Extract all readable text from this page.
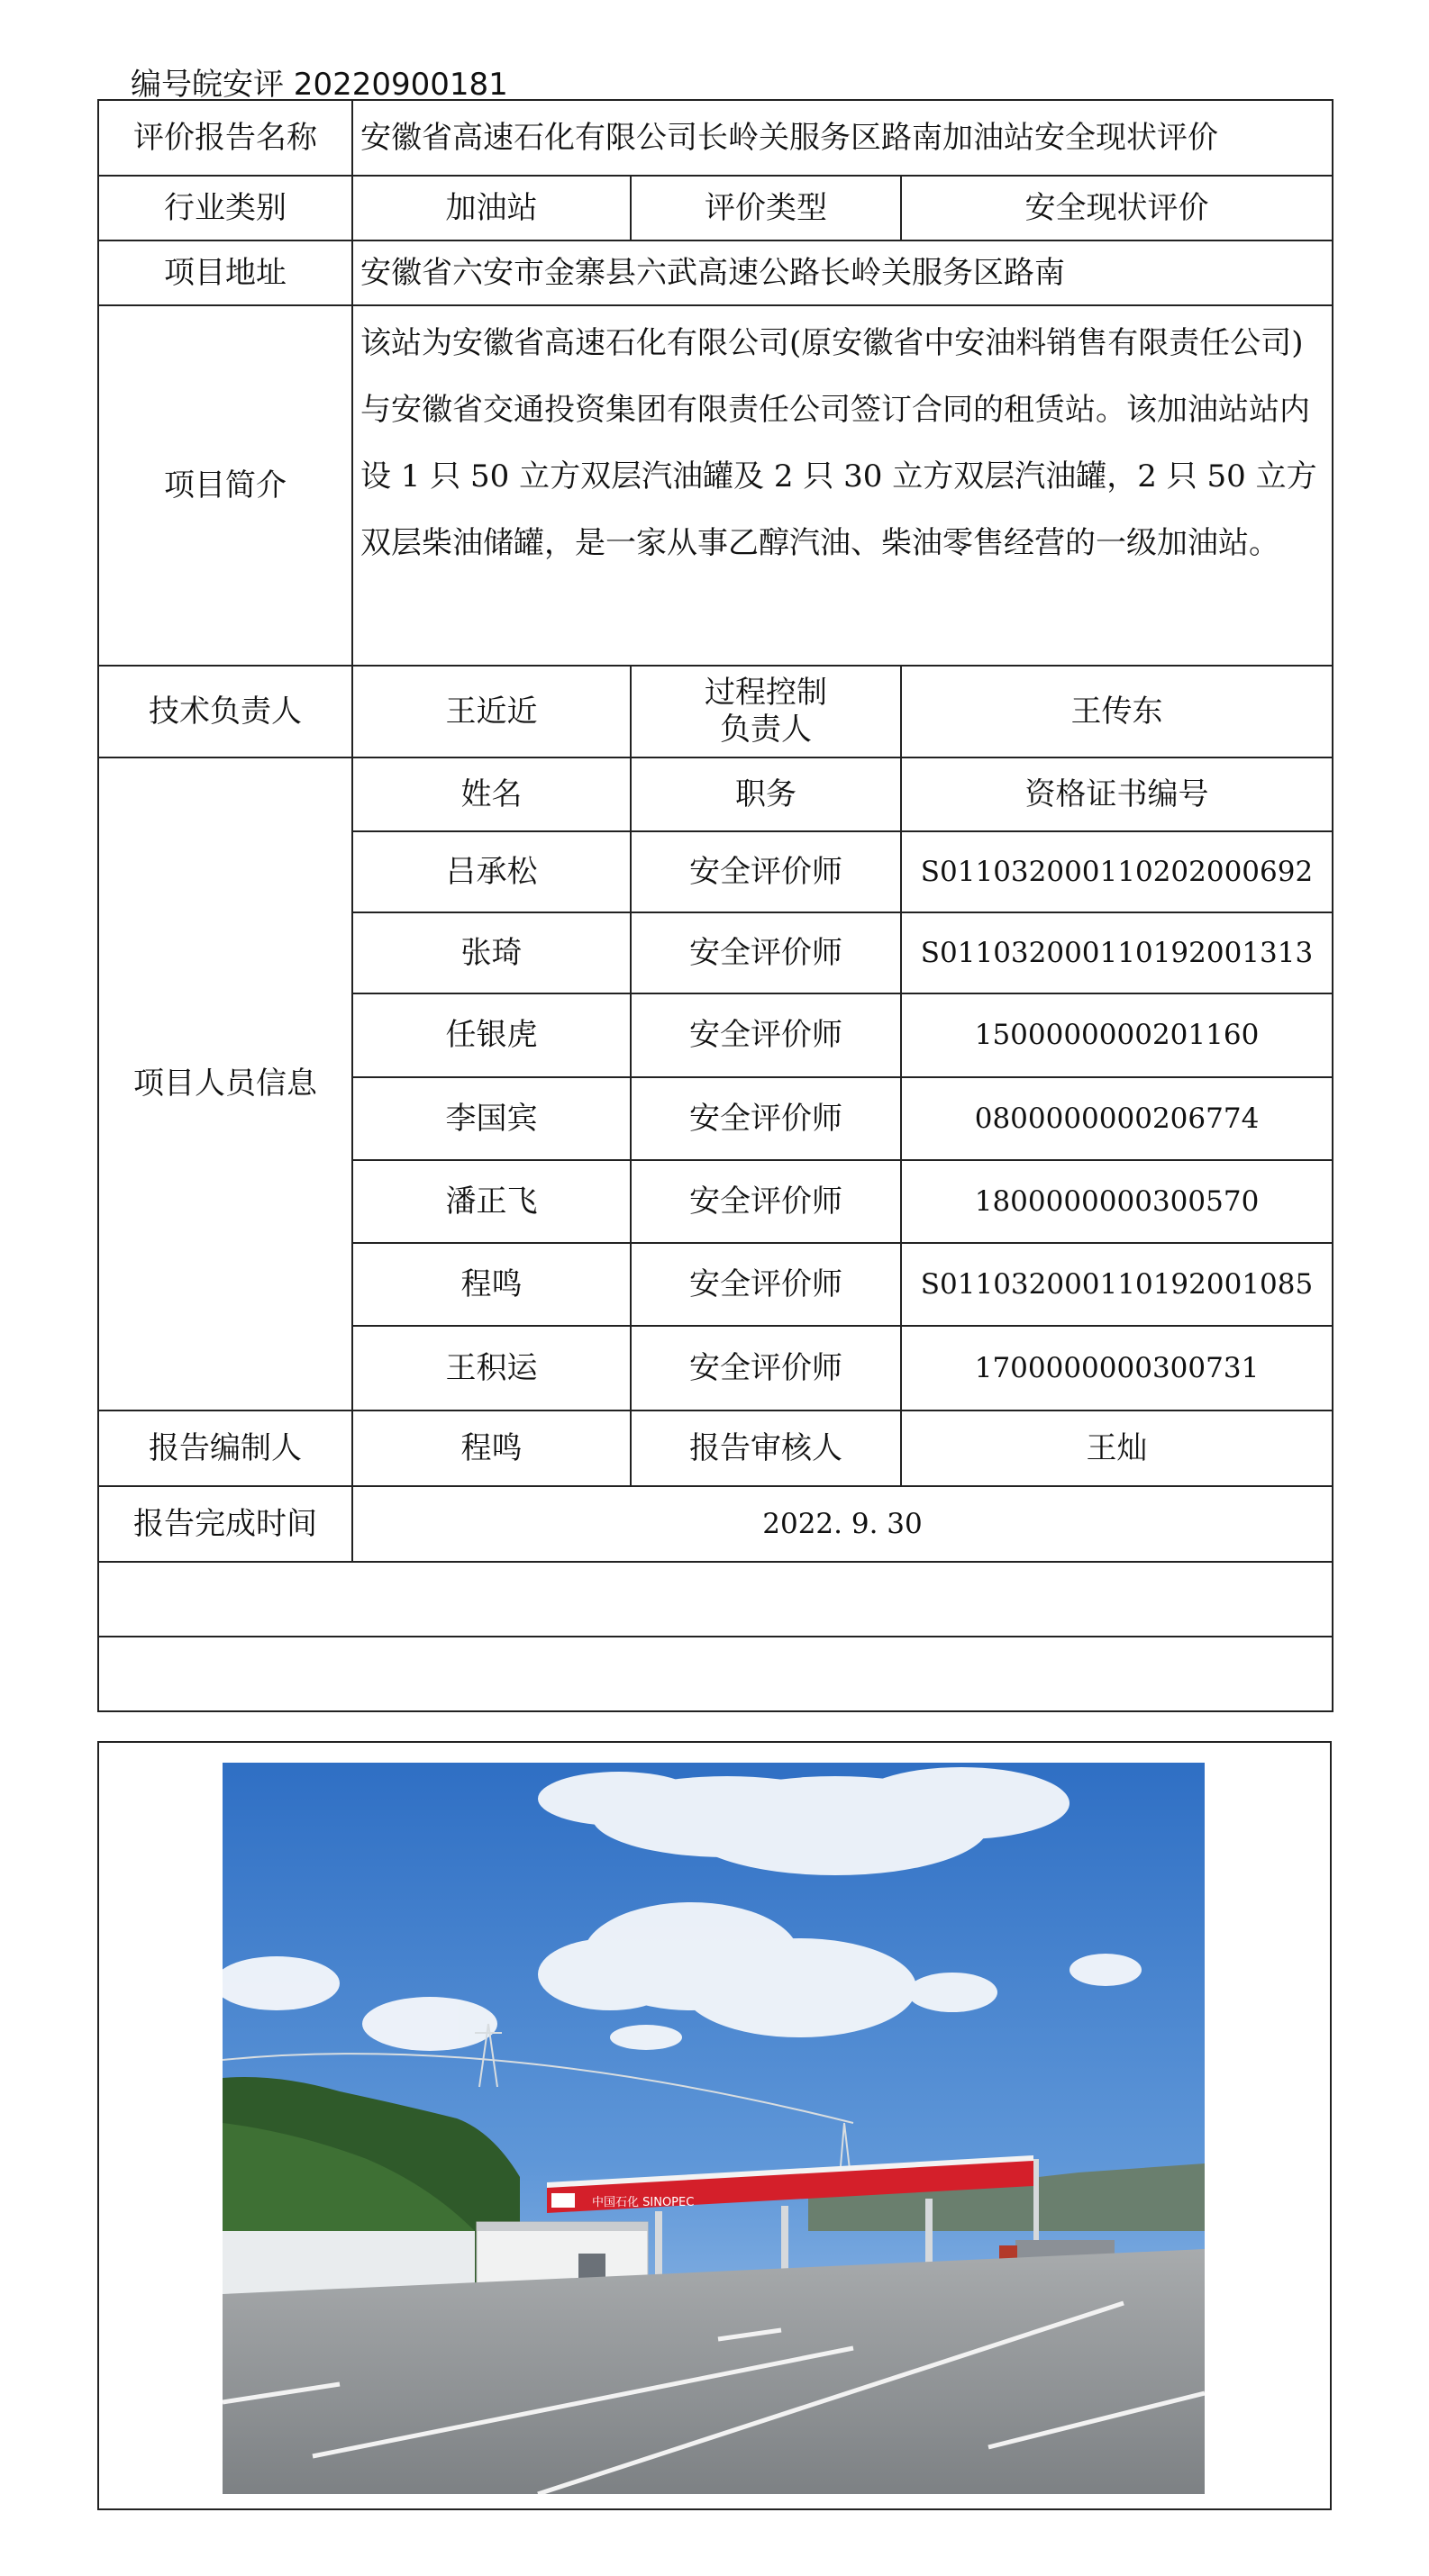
编号皖安评 20220900181
评价报告名称	安徽省高速石化有限公司长岭关服务区路南加油站安全现状评价		
行业类别	加油站	评价类型	安全现状评价
项目地址	安徽省六安市金寨县六武高速公路长岭关服务区路南		
项目简介	该站为安徽省高速石化有限公司(原安徽省中安油料销售有限责任公司)与安徽省交通投资集团有限责任公司签订合同的租赁站。该加油站站内设 1 只 50 立方双层汽油罐及 2 只 30 立方双层汽油罐，2 只 50 立方双层柴油储罐，是一家从事乙醇汽油、柴油零售经营的一级加油站。		
技术负责人	王近近	过程控制负责人	王传东
项目人员信息	姓名	职务	资格证书编号
	吕承松	安全评价师	S011032000110202000692
	张琦	安全评价师	S011032000110192001313
	任银虎	安全评价师	1500000000201160
	李国宾	安全评价师	0800000000206774
	潘正飞	安全评价师	1800000000300570
	程鸣	安全评价师	S011032000110192001085
	王积运	安全评价师	1700000000300731
报告编制人	程鸣	报告审核人	王灿
报告完成时间	2022. 9. 30		

中国石化 SINOPEC
